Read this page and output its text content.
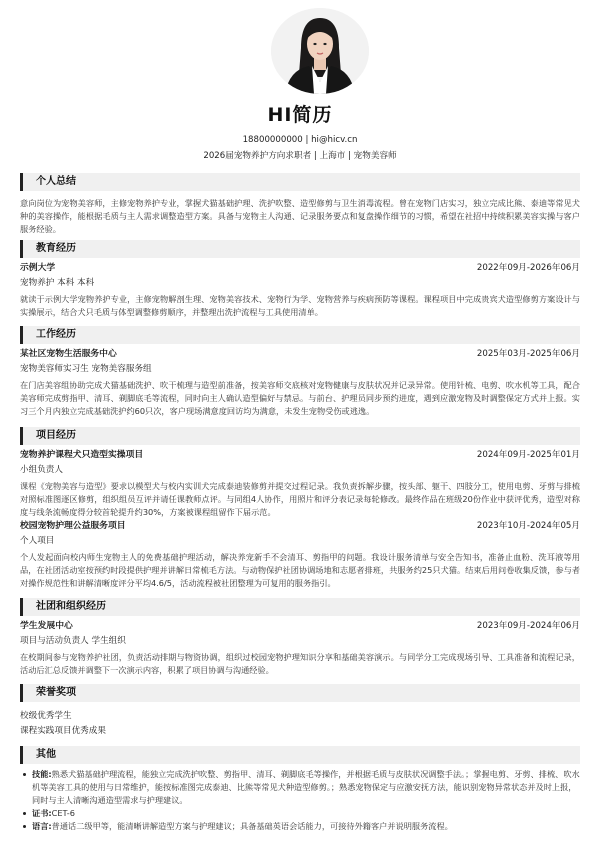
HI简历
18800000000 | hi@hicv.cn
2026届宠物养护方向求职者 | 上海市 | 宠物美容师
个人总结
意向岗位为宠物美容师，主修宠物养护专业，掌握犬猫基础护理、洗护吹整、造型修剪与卫生消毒流程。曾在宠物门店实习，独立完成比熊、泰迪等常见犬种的美容操作，能根据毛质与主人需求调整造型方案。具备与宠物主人沟通、记录服务要点和复盘操作细节的习惯，希望在社招中持续积累美容实操与客户服务经验。
教育经历
示例大学	2022年09月-2026年06月
宠物养护 本科 本科
就读于示例大学宠物养护专业，主修宠物解剖生理、宠物美容技术、宠物行为学、宠物营养与疾病预防等课程。课程项目中完成贵宾犬造型修剪方案设计与实操展示，结合犬只毛质与体型调整修剪顺序，并整理出洗护流程与工具使用清单。
工作经历
某社区宠物生活服务中心	2025年03月-2025年06月
宠物美容师实习生 宠物美容服务组
在门店美容组协助完成犬猫基础洗护、吹干梳理与造型前准备，按美容师交底核对宠物健康与皮肤状况并记录异常。使用针梳、电剪、吹水机等工具，配合美容师完成剪指甲、清耳、剃脚底毛等流程，同时向主人确认造型偏好与禁忌。与前台、护理员同步预约进度，遇到应激宠物及时调整保定方式并上报。实习三个月内独立完成基础洗护约60只次，客户现场满意度回访均为满意，未发生宠物受伤或逃逸。
项目经历
宠物养护课程犬只造型实操项目	2024年09月-2025年01月
小组负责人
课程《宠物美容与造型》要求以模型犬与校内实训犬完成泰迪装修剪并提交过程记录。我负责拆解步骤，按头部、躯干、四肢分工，使用电剪、牙剪与排梳对照标准图逐区修剪，组织组员互评并请任课教师点评。与同组4人协作，用照片和评分表记录每轮修改。最终作品在班级20份作业中获评优秀，造型对称度与线条流畅度得分较首轮提升约30%，方案被课程组留作下届示范。
校园宠物护理公益服务项目	2023年10月-2024年05月
个人项目
个人发起面向校内师生宠物主人的免费基础护理活动，解决养宠新手不会清耳、剪指甲的问题。我设计服务清单与安全告知书，准备止血粉、洗耳液等用品，在社团活动室按预约时段提供护理并讲解日常梳毛方法。与动物保护社团协调场地和志愿者排班，共服务约25只犬猫。结束后用问卷收集反馈，参与者对操作规范性和讲解清晰度评分平均4.6/5，活动流程被社团整理为可复用的服务指引。
社团和组织经历
学生发展中心	2023年09月-2024年06月
项目与活动负责人 学生组织
在校期间参与宠物养护社团，负责活动排期与物资协调，组织过校园宠物护理知识分享和基础美容演示。与同学分工完成现场引导、工具准备和流程记录，活动后汇总反馈并调整下一次演示内容，积累了项目协调与沟通经验。
荣誉奖项
校级优秀学生
课程实践项目优秀成果
其他
技能:熟悉犬猫基础护理流程，能独立完成洗护吹整、剪指甲、清耳、剃脚底毛等操作，并根据毛质与皮肤状况调整手法。；掌握电剪、牙剪、排梳、吹水机等美容工具的使用与日常维护，能按标准图完成泰迪、比熊等常见犬种造型修剪。；熟悉宠物保定与应激安抚方法，能识别宠物异常状态并及时上报，同时与主人清晰沟通造型需求与护理建议。
证书:CET-6
语言:普通话二级甲等，能清晰讲解造型方案与护理建议；具备基础英语会话能力，可接待外籍客户并说明服务流程。
